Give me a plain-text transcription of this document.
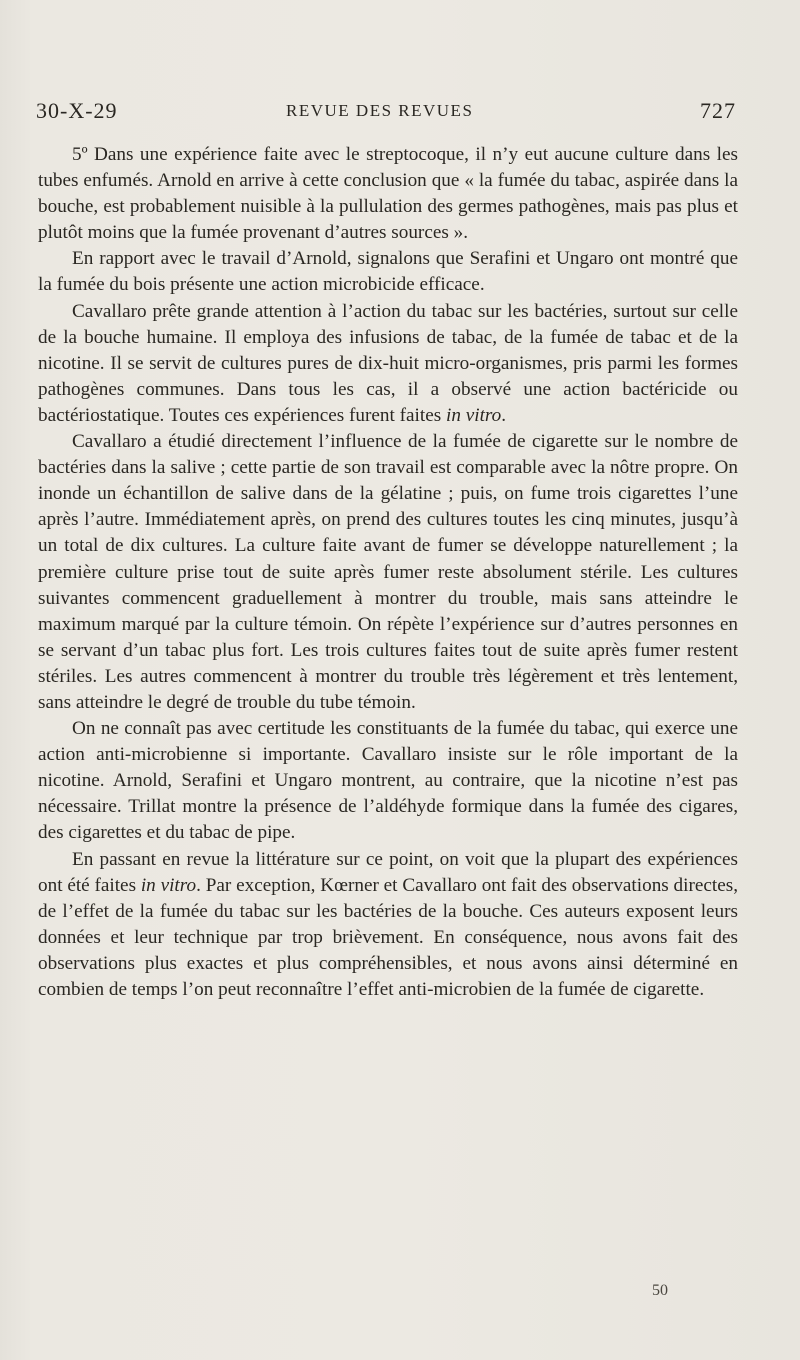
30-X-29	REVUE DES REVUES	727

5º Dans une expérience faite avec le streptocoque, il n’y eut aucune culture dans les tubes enfumés. Arnold en arrive à cette conclusion que « la fumée du tabac, aspirée dans la bouche, est probablement nuisible à la pullulation des germes pathogènes, mais pas plus et plutôt moins que la fumée provenant d’autres sources ».

En rapport avec le travail d’Arnold, signalons que Serafini et Ungaro ont montré que la fumée du bois présente une action microbicide efficace.

Cavallaro prête grande attention à l’action du tabac sur les bactéries, surtout sur celle de la bouche humaine. Il employa des infusions de tabac, de la fumée de tabac et de la nicotine. Il se servit de cultures pures de dix-huit micro-organismes, pris parmi les formes pathogènes communes. Dans tous les cas, il a observé une action bactéricide ou bactériostatique. Toutes ces expériences furent faites in vitro.

Cavallaro a étudié directement l’influence de la fumée de cigarette sur le nombre de bactéries dans la salive ; cette partie de son travail est comparable avec la nôtre propre. On inonde un échantillon de salive dans de la gélatine ; puis, on fume trois cigarettes l’une après l’autre. Immédiatement après, on prend des cultures toutes les cinq minutes, jusqu’à un total de dix cultures. La culture faite avant de fumer se développe naturellement ; la première culture prise tout de suite après fumer reste absolument stérile. Les cultures suivantes commencent graduellement à montrer du trouble, mais sans atteindre le maximum marqué par la culture témoin. On répète l’expérience sur d’autres personnes en se servant d’un tabac plus fort. Les trois cultures faites tout de suite après fumer restent stériles. Les autres commencent à montrer du trouble très légèrement et très lentement, sans atteindre le degré de trouble du tube témoin.

On ne connaît pas avec certitude les constituants de la fumée du tabac, qui exerce une action anti-microbienne si importante. Cavallaro insiste sur le rôle important de la nicotine. Arnold, Serafini et Ungaro montrent, au contraire, que la nicotine n’est pas nécessaire. Trillat montre la présence de l’aldéhyde formique dans la fumée des cigares, des cigarettes et du tabac de pipe.

En passant en revue la littérature sur ce point, on voit que la plupart des expériences ont été faites in vitro. Par exception, Kœrner et Cavallaro ont fait des observations directes, de l’effet de la fumée du tabac sur les bactéries de la bouche. Ces auteurs exposent leurs données et leur technique par trop brièvement. En conséquence, nous avons fait des observations plus exactes et plus compréhensibles, et nous avons ainsi déterminé en combien de temps l’on peut reconnaître l’effet anti-microbien de la fumée de cigarette.

50
